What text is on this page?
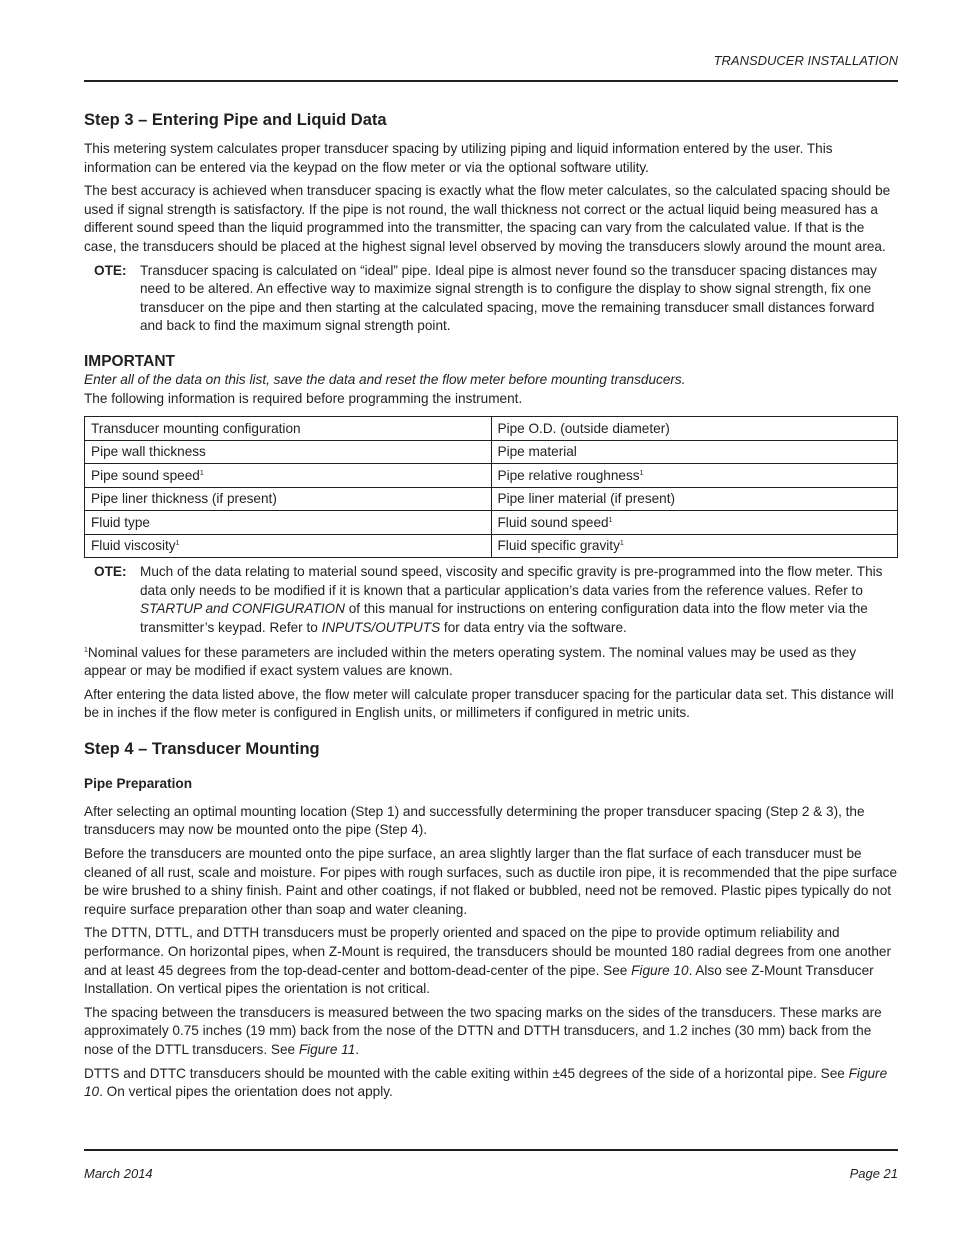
TRANSDUCER INSTALLATION
Step 3 – Entering Pipe and Liquid Data

This metering system calculates proper transducer spacing by utilizing piping and liquid information entered by the user. This information can be entered via the keypad on the flow meter or via the optional software utility.

The best accuracy is achieved when transducer spacing is exactly what the flow meter calculates, so the calculated spacing should be used if signal strength is satisfactory. If the pipe is not round, the wall thickness not correct or the actual liquid being measured has a different sound speed than the liquid programmed into the transmitter, the spacing can vary from the calculated value. If that is the case, the transducers should be placed at the highest signal level observed by moving the transducers slowly around the mount area.

OTE: Transducer spacing is calculated on “ideal” pipe. Ideal pipe is almost never found so the transducer spacing distances may need to be altered. An effective way to maximize signal strength is to configure the display to show signal strength, fix one transducer on the pipe and then starting at the calculated spacing, move the remaining transducer small distances forward and back to find the maximum signal strength point.
IMPORTANT

Enter all of the data on this list, save the data and reset the flow meter before mounting transducers.

The following information is required before programming the instrument.

Transducer mounting configuration	Pipe O.D. (outside diameter)
Pipe wall thickness	Pipe material
Pipe sound speed$^1$	Pipe relative roughness$^1$
Pipe liner thickness (if present)	Pipe liner material (if present)
Fluid type	Fluid sound speed$^1$
Fluid viscosity$^1$	Fluid specific gravity$^1$
OTE: Much of the data relating to material sound speed, viscosity and specific gravity is pre-programmed into the flow meter. This data only needs to be modified if it is known that a particular application’s data varies from the reference values. Refer to STARTUP and CONFIGURATION of this manual for instructions on entering configuration data into the flow meter via the transmitter’s keypad. Refer to INPUTS/OUTPUTS for data entry via the software.

$^1$Nominal values for these parameters are included within the meters operating system. The nominal values may be used as they appear or may be modified if exact system values are known.

After entering the data listed above, the flow meter will calculate proper transducer spacing for the particular data set. This distance will be in inches if the flow meter is configured in English units, or millimeters if configured in metric units.

Step 4 – Transducer Mounting
Pipe Preparation

After selecting an optimal mounting location (Step 1) and successfully determining the proper transducer spacing (Step 2 & 3), the transducers may now be mounted onto the pipe (Step 4).

Before the transducers are mounted onto the pipe surface, an area slightly larger than the flat surface of each transducer must be cleaned of all rust, scale and moisture. For pipes with rough surfaces, such as ductile iron pipe, it is recommended that the pipe surface be wire brushed to a shiny finish. Paint and other coatings, if not flaked or bubbled, need not be removed. Plastic pipes typically do not require surface preparation other than soap and water cleaning.

The DTTN, DTTL, and DTTH transducers must be properly oriented and spaced on the pipe to provide optimum reliability and performance. On horizontal pipes, when Z-Mount is required, the transducers should be mounted 180 radial degrees from one another and at least 45 degrees from the top-dead-center and bottom-dead-center of the pipe. See Figure 10. Also see Z-Mount Transducer Installation. On vertical pipes the orientation is not critical.

The spacing between the transducers is measured between the two spacing marks on the sides of the transducers. These marks are approximately 0.75 inches (19 mm) back from the nose of the DTTN and DTTH transducers, and 1.2 inches (30 mm) back from the nose of the DTTL transducers. See Figure 11.

DTTS and DTTC transducers should be mounted with the cable exiting within ±45 degrees of the side of a horizontal pipe. See Figure 10. On vertical pipes the orientation does not apply.

March 2014	Page 21
